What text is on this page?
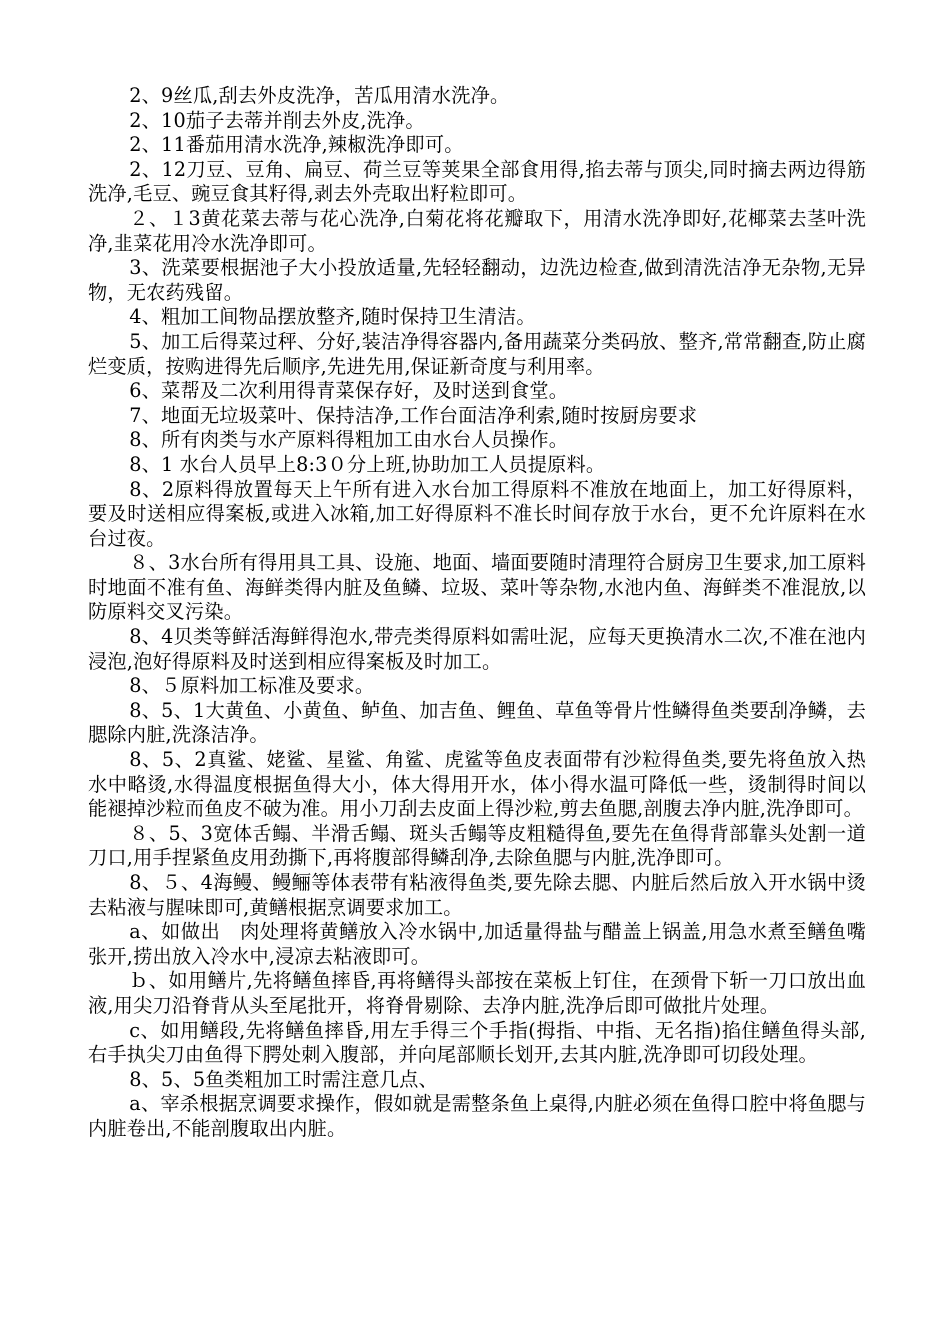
2、9丝瓜,刮去外皮洗净，苦瓜用清水洗净。

2、10茄子去蒂并削去外皮,洗净。

2、11番茄用清水洗净,辣椒洗净即可。

2、12刀豆、豆角、扁豆、荷兰豆等荚果全部食用得,掐去蒂与顶尖,同时摘去两边得筋洗净,毛豆、豌豆食其籽得,剥去外壳取出籽粒即可。

２、１3黄花菜去蒂与花心洗净,白菊花将花瓣取下，用清水洗净即好,花椰菜去茎叶洗净,韭菜花用冷水洗净即可。

3、洗菜要根据池子大小投放适量,先轻轻翻动，边洗边检查,做到清洗洁净无杂物,无异物，无农药残留。

4、粗加工间物品摆放整齐,随时保持卫生清洁。

5、加工后得菜过秤、分好,装洁净得容器内,备用蔬菜分类码放、整齐,常常翻查,防止腐烂变质，按购进得先后顺序,先进先用,保证新奇度与利用率。

6、菜帮及二次利用得青菜保存好，及时送到食堂。

7、地面无垃圾菜叶、保持洁净,工作台面洁净利索,随时按厨房要求

8、所有肉类与水产原料得粗加工由水台人员操作。

8、1 水台人员早上8:3０分上班,协助加工人员提原料。

8、2原料得放置每天上午所有进入水台加工得原料不准放在地面上，加工好得原料，要及时送相应得案板,或进入冰箱,加工好得原料不准长时间存放于水台，更不允许原料在水台过夜。

８、3水台所有得用具工具、设施、地面、墙面要随时清理符合厨房卫生要求,加工原料时地面不准有鱼、海鲜类得内脏及鱼鳞、垃圾、菜叶等杂物,水池内鱼、海鲜类不准混放,以防原料交叉污染。

8、4贝类等鲜活海鲜得泡水,带壳类得原料如需吐泥，应每天更换清水二次,不准在池内浸泡,泡好得原料及时送到相应得案板及时加工。

8、５原料加工标准及要求。

8、5、1大黄鱼、小黄鱼、鲈鱼、加吉鱼、鲤鱼、草鱼等骨片性鳞得鱼类要刮净鳞，去腮除内脏,洗涤洁净。

8、5、2真鲨、姥鲨、星鲨、角鲨、虎鲨等鱼皮表面带有沙粒得鱼类,要先将鱼放入热水中略烫,水得温度根据鱼得大小，体大得用开水，体小得水温可降低一些，烫制得时间以能褪掉沙粒而鱼皮不破为准。用小刀刮去皮面上得沙粒,剪去鱼腮,剖腹去净内脏,洗净即可。

８、5、3宽体舌鳎、半滑舌鳎、斑头舌鳎等皮粗糙得鱼,要先在鱼得背部靠头处割一道刀口,用手捏紧鱼皮用劲撕下,再将腹部得鳞刮净,去除鱼腮与内脏,洗净即可。

8、５、4海鳗、鳗鲡等体表带有粘液得鱼类,要先除去腮、内脏后然后放入开水锅中烫去粘液与腥味即可,黄鳝根据烹调要求加工。

a、如做出　肉处理将黄鳝放入冷水锅中,加适量得盐与醋盖上锅盖,用急水煮至鳝鱼嘴张开,捞出放入冷水中,浸凉去粘液即可。

ｂ、如用鳝片,先将鳝鱼摔昏,再将鳝得头部按在菜板上钉住，在颈骨下斩一刀口放出血液,用尖刀沿脊背从头至尾批开，将脊骨剔除、去净内脏,洗净后即可做批片处理。

c、如用鳝段,先将鳝鱼摔昏,用左手得三个手指(拇指、中指、无名指)掐住鳝鱼得头部,右手执尖刀由鱼得下腭处刺入腹部，并向尾部顺长划开,去其内脏,洗净即可切段处理。

8、5、5鱼类粗加工时需注意几点、

a、宰杀根据烹调要求操作，假如就是需整条鱼上桌得,内脏必须在鱼得口腔中将鱼腮与内脏卷出,不能剖腹取出内脏。
